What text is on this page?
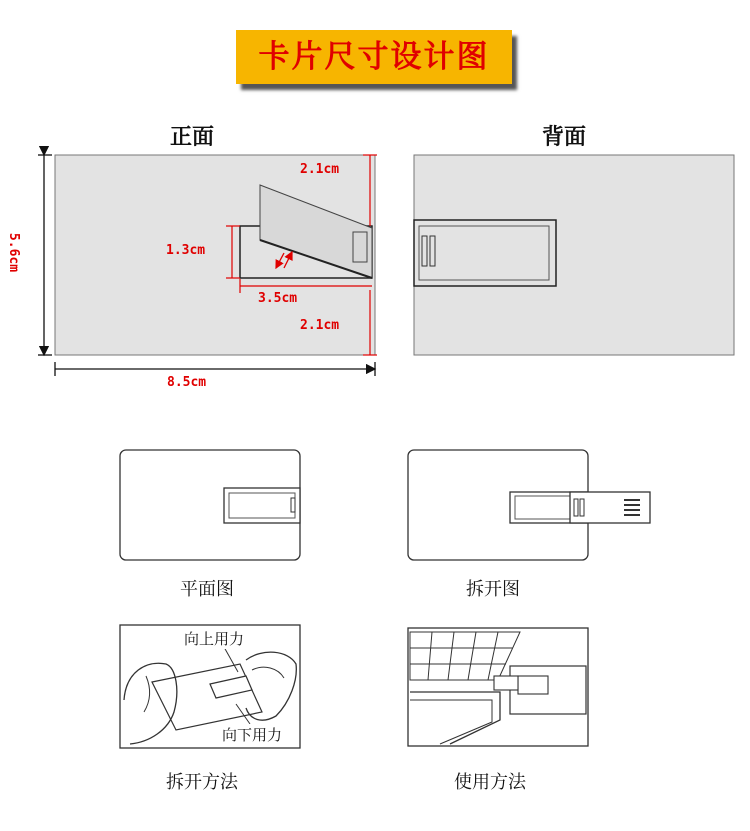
卡片尺寸设计图
正面	背面
2.1cm
2.1cm
1.3cm
3.5cm
5.6cm
8.5cm
平面图	拆开图
拆开方法	使用方法
向上用力
向下用力
